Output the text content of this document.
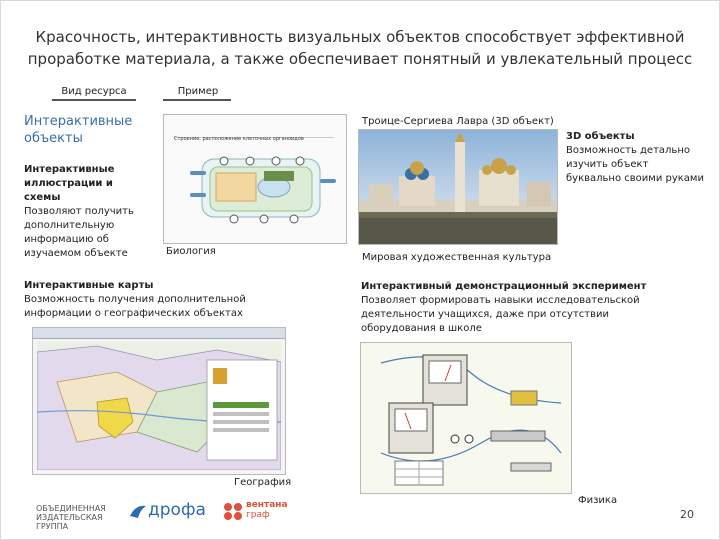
Красочность, интерактивность визуальных объектов способствует эффективной
проработке материала, а также обеспечивает понятный и увлекательный процесс
Вид ресурса	Пример
Интерактивные объекты
Интерактивные иллюстрации и схемы
Позволяют получить дополнительную информацию об изучаемом объекте
Строение, расположение клеточных органоидов
Биология
Троице-Сергиева Лавра (3D объект)
3D объекты
Возможность детально изучить объект буквально своими руками
Мировая художественная культура
Интерактивные карты
Возможность получения дополнительной информации о географических объектах
География
Интерактивный демонстрационный эксперимент
Позволяет формировать навыки исследовательской деятельности учащихся, даже при отсутствии оборудования в школе
Физика
ОБЪЕДИНЕННАЯ
ИЗДАТЕЛЬСКАЯ ГРУППА
дрофа	вентана
граф	20
